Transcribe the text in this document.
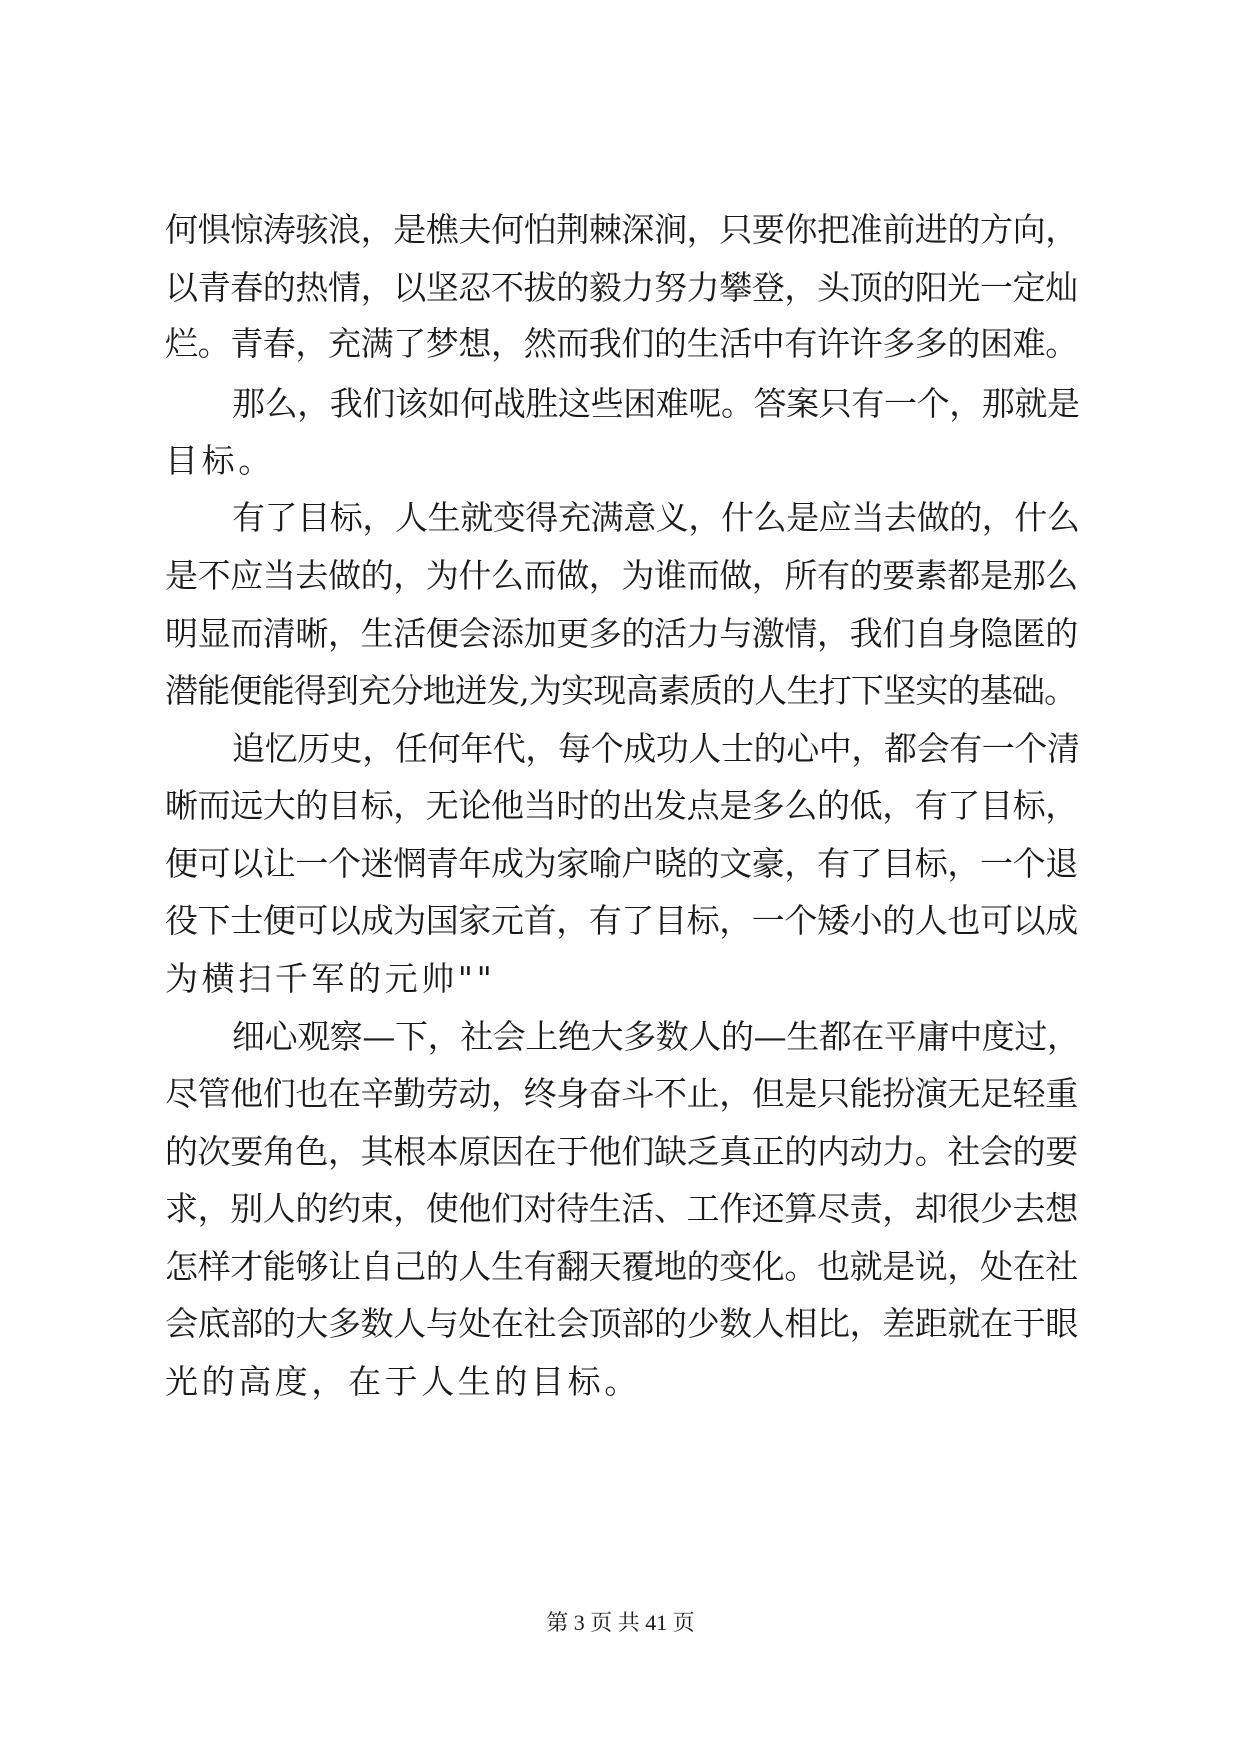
何惧惊涛骇浪，是樵夫何怕荆棘深涧，只要你把准前进的方向，
以青春的热情，以坚忍不拔的毅力努力攀登，头顶的阳光一定灿
烂。青春，充满了梦想，然而我们的生活中有许许多多的困难。
那么，我们该如何战胜这些困难呢。答案只有一个，那就是
目标。
有了目标，人生就变得充满意义，什么是应当去做的，什么
是不应当去做的，为什么而做，为谁而做，所有的要素都是那么
明显而清晰，生活便会添加更多的活力与激情，我们自身隐匿的
潜能便能得到充分地迸发,为实现高素质的人生打下坚实的基础。
追忆历史，任何年代，每个成功人士的心中，都会有一个清
晰而远大的目标，无论他当时的出发点是多么的低，有了目标，
便可以让一个迷惘青年成为家喻户晓的文豪，有了目标，一个退
役下士便可以成为国家元首，有了目标，一个矮小的人也可以成
为横扫千军的元帅""
细心观察—下，社会上绝大多数人的—生都在平庸中度过，
尽管他们也在辛勤劳动，终身奋斗不止，但是只能扮演无足轻重
的次要角色，其根本原因在于他们缺乏真正的内动力。社会的要
求，别人的约束，使他们对待生活、工作还算尽责，却很少去想
怎样才能够让自己的人生有翻天覆地的变化。也就是说，处在社
会底部的大多数人与处在社会顶部的少数人相比，差距就在于眼
光的高度，在于人生的目标。
第 3 页 共 41 页
